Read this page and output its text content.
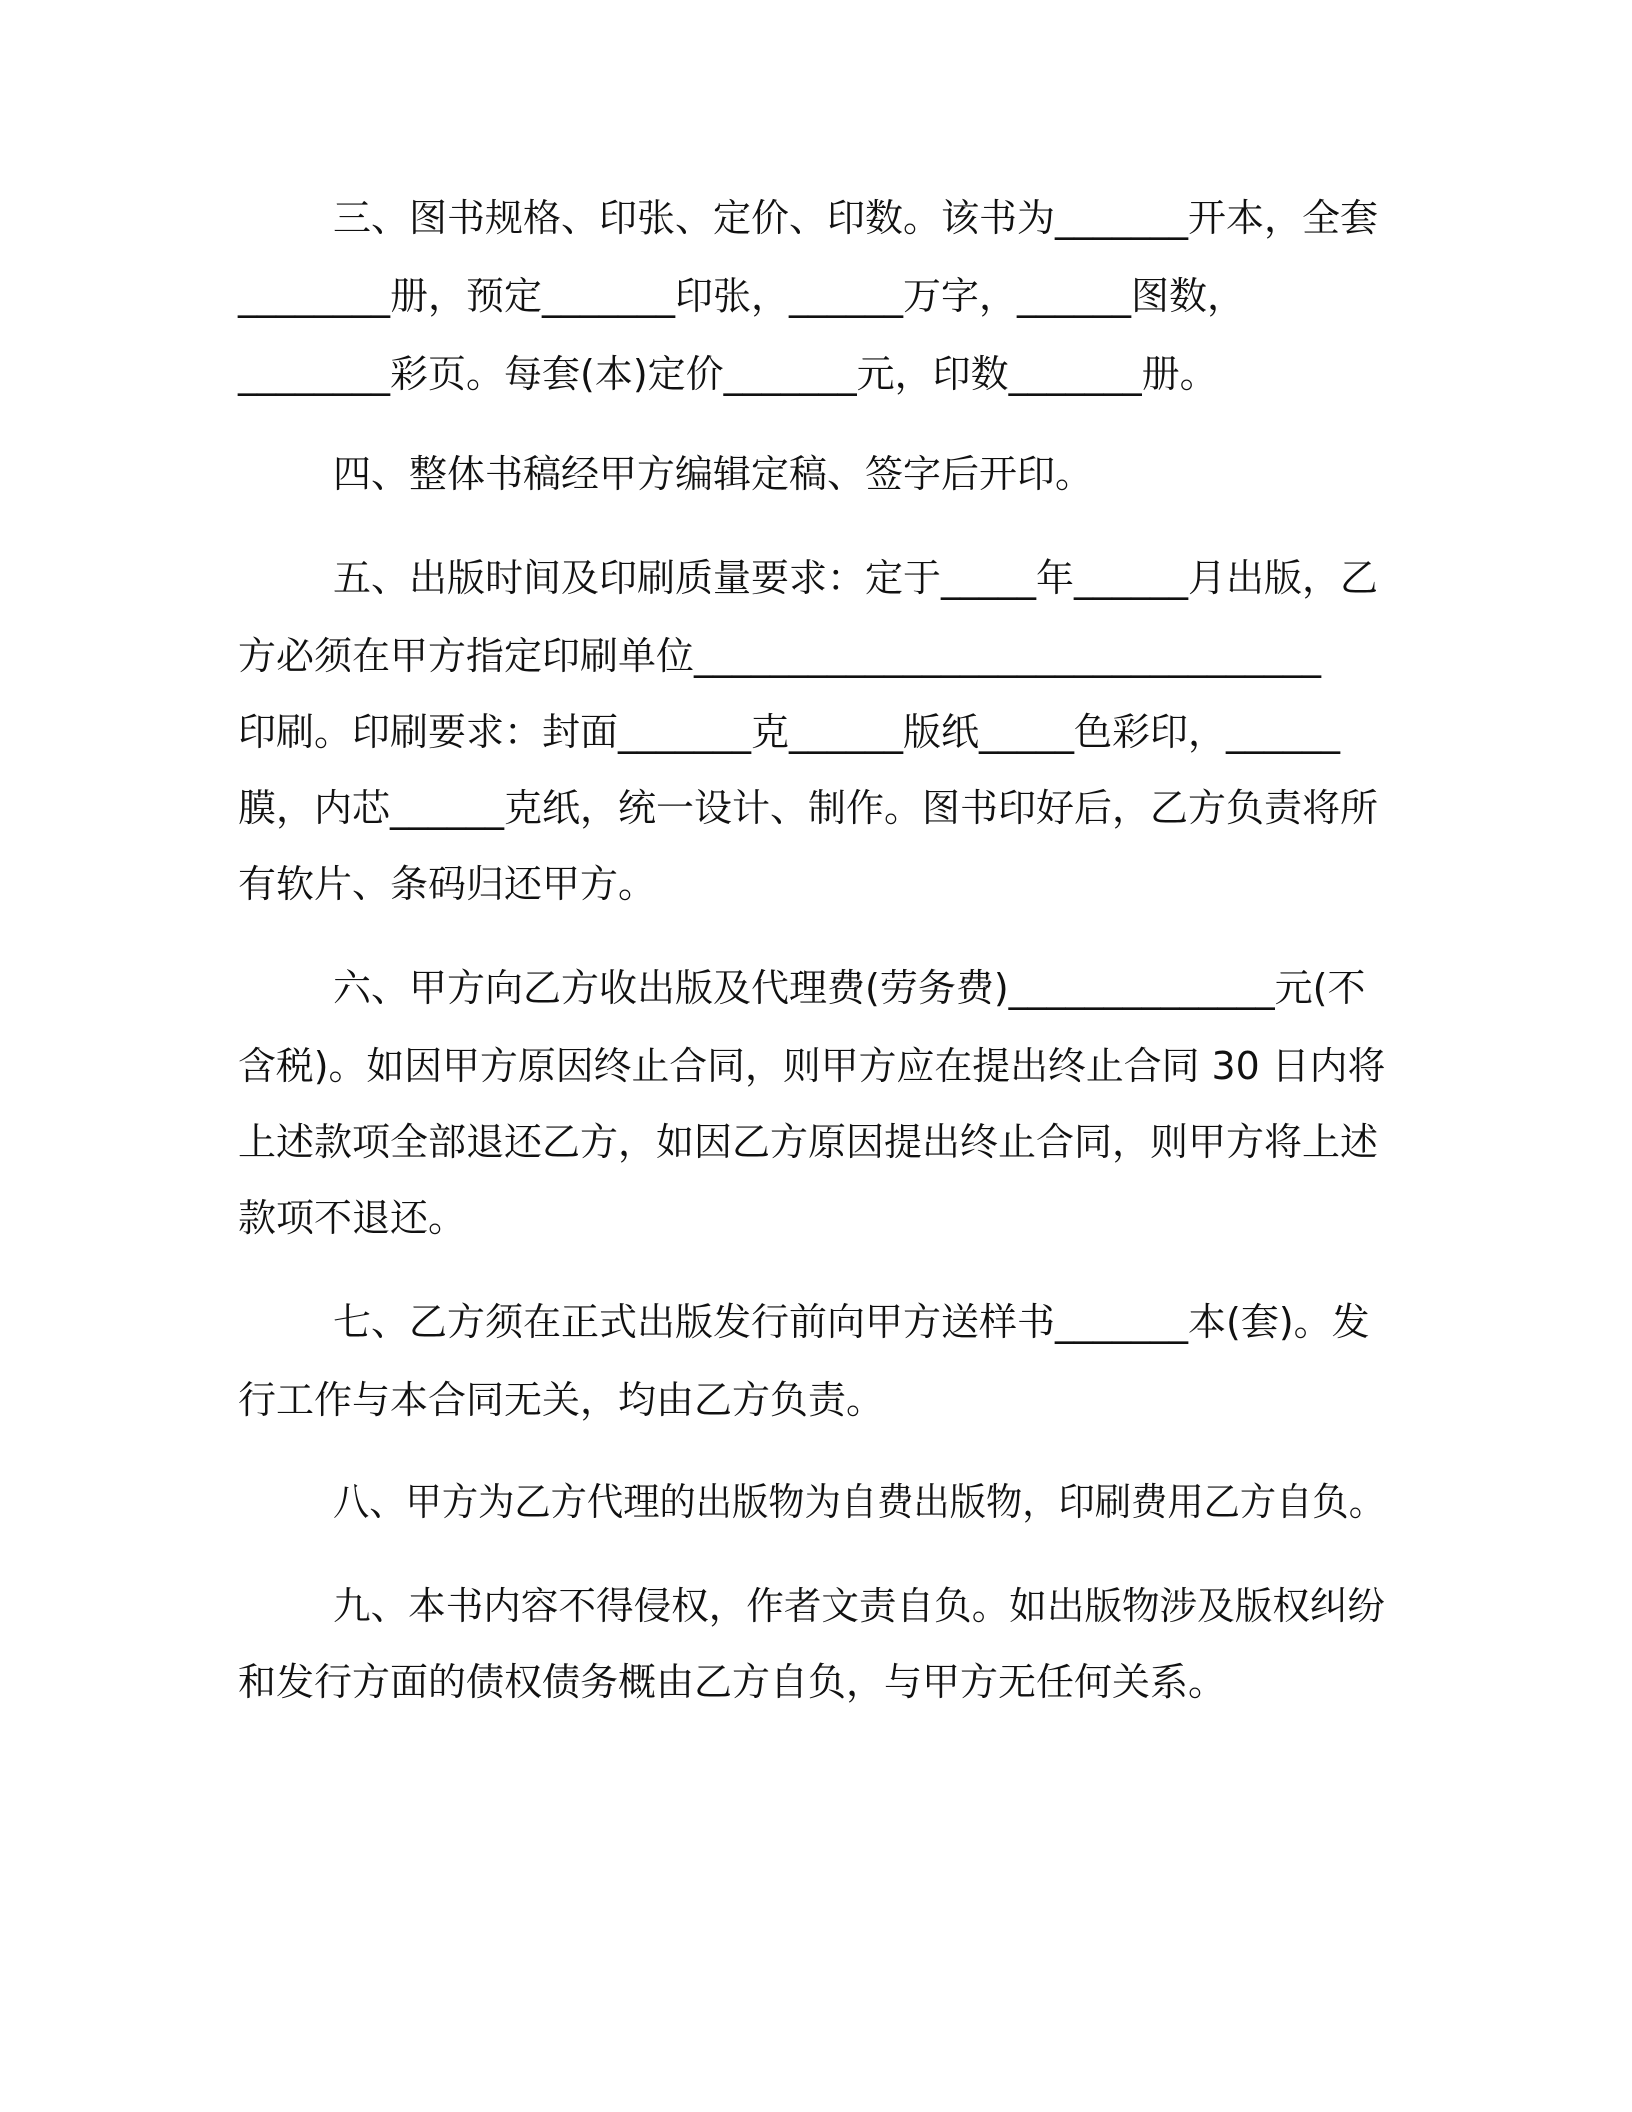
三、图书规格、印张、定价、印数。该书为_______开本，全套
________册，预定_______印张，______万字，______图数，
________彩页。每套(本)定价_______元，印数_______册。
四、整体书稿经甲方编辑定稿、签字后开印。
五、出版时间及印刷质量要求：定于_____年______月出版，乙
方必须在甲方指定印刷单位_________________________________
印刷。印刷要求：封面_______克______版纸_____色彩印，______
膜，内芯______克纸，统一设计、制作。图书印好后，乙方负责将所
有软片、条码归还甲方。
六、甲方向乙方收出版及代理费(劳务费)______________元(不
含税)。如因甲方原因终止合同，则甲方应在提出终止合同 30 日内将
上述款项全部退还乙方，如因乙方原因提出终止合同，则甲方将上述
款项不退还。
七、乙方须在正式出版发行前向甲方送样书_______本(套)。发
行工作与本合同无关，均由乙方负责。
八、甲方为乙方代理的出版物为自费出版物，印刷费用乙方自负。
九、本书内容不得侵权，作者文责自负。如出版物涉及版权纠纷
和发行方面的债权债务概由乙方自负，与甲方无任何关系。
